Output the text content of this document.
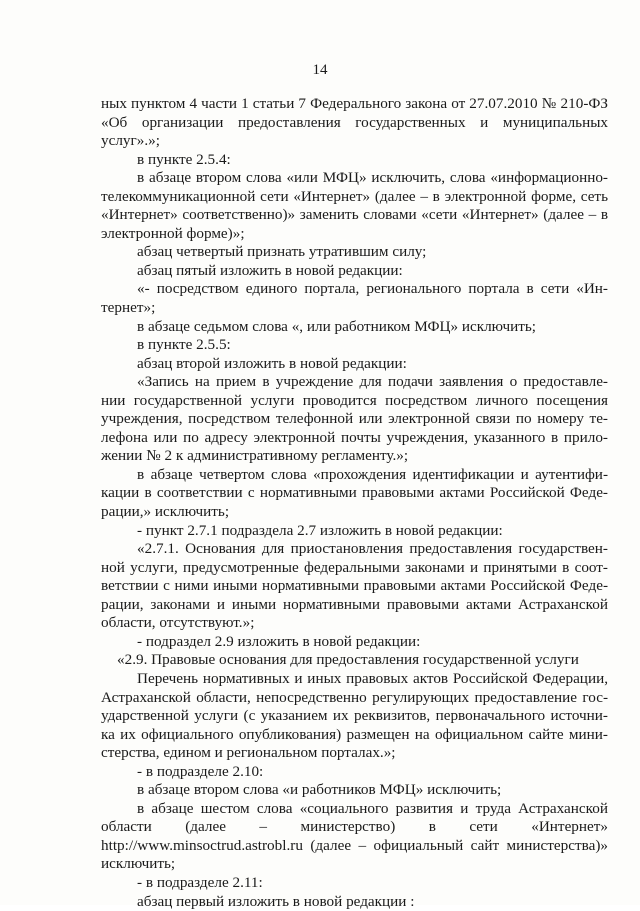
14
ных пунктом 4 части 1 статьи 7 Федерального закона от 27.07.2010 № 210-ФЗ
«Об организации предоставления государственных и муниципальных
услуг».»;
в пункте 2.5.4:
в абзаце втором слова «или МФЦ» исключить, слова «информационно-
телекоммуникационной сети «Интернет» (далее – в электронной форме, сеть
«Интернет» соответственно)» заменить словами «сети «Интернет» (далее – в
электронной форме)»;
абзац четвертый признать утратившим силу;
абзац пятый изложить в новой редакции:
«- посредством единого портала, регионального портала в сети «Ин-
тернет»;
в абзаце седьмом слова «, или работником МФЦ» исключить;
в пункте 2.5.5:
абзац второй изложить в новой редакции:
«Запись на прием в учреждение для подачи заявления о предоставле-
нии государственной услуги проводится посредством личного посещения
учреждения, посредством телефонной или электронной связи по номеру те-
лефона или по адресу электронной почты учреждения, указанного в прило-
жении № 2 к административному регламенту.»;
в абзаце четвертом слова «прохождения идентификации и аутентифи-
кации в соответствии с нормативными правовыми актами Российской Феде-
рации,» исключить;
- пункт 2.7.1 подраздела 2.7 изложить в новой редакции:
«2.7.1. Основания для приостановления предоставления государствен-
ной услуги, предусмотренные федеральными законами и принятыми в соот-
ветствии с ними иными нормативными правовыми актами Российской Феде-
рации, законами и иными нормативными правовыми актами Астраханской
области, отсутствуют.»;
- подраздел 2.9 изложить в новой редакции:
«2.9. Правовые основания для предоставления государственной услуги
Перечень нормативных и иных правовых актов Российской Федерации,
Астраханской области, непосредственно регулирующих предоставление гос-
ударственной услуги (с указанием их реквизитов, первоначального источни-
ка их официального опубликования) размещен на официальном сайте мини-
стерства, едином и региональном порталах.»;
- в подразделе 2.10:
в абзаце втором слова «и работников МФЦ» исключить;
в абзаце шестом слова «социального развития и труда Астраханской
области (далее – министерство) в сети «Интернет»
http://www.minsoctrud.astrobl.ru (далее – официальный сайт министерства)»
исключить;
- в подразделе 2.11:
абзац первый изложить в новой редакции :
